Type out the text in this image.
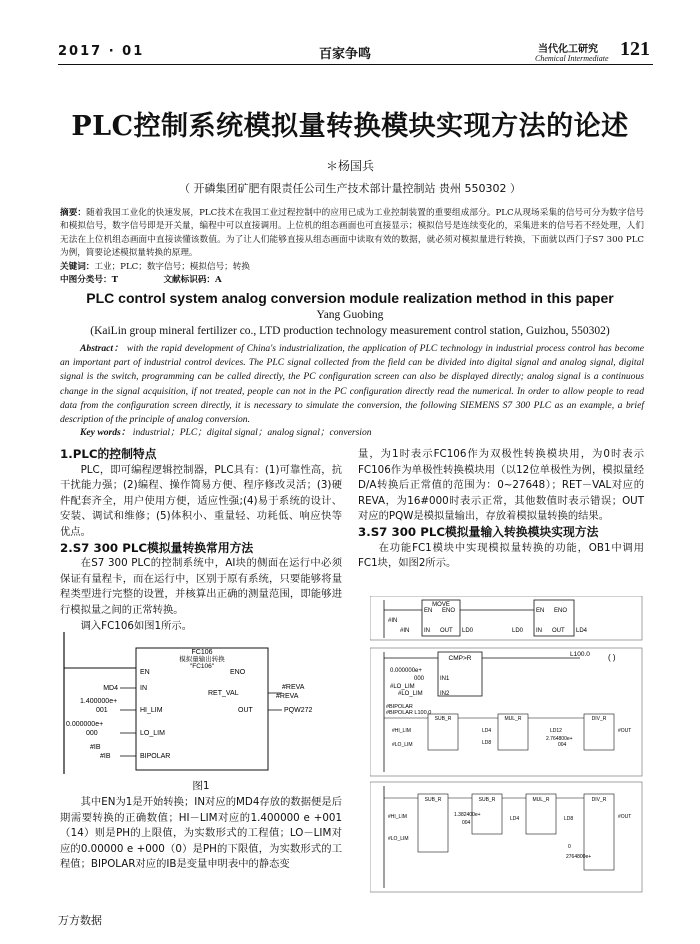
2017 · 01	百家争鸣	当代化工研究
Chemical Intermediate 121
PLC控制系统模拟量转换模块实现方法的论述
＊杨国兵
（ 开磷集团矿肥有限责任公司生产技术部计量控制站 贵州 550302 ）
摘要：随着我国工业化的快速发展，PLC技术在我国工业过程控制中的应用已成为工业控制装置的重要组成部分。PLC从现场采集的信号可分为数字信号和模拟信号，数字信号即是开关量，编程中可以直接调用。上位机的组态画面也可直接显示；模拟信号是连续变化的，采集进来的信号若不经处理，人们无法在上位机组态画面中直接读懂该数值。为了让人们能够直接从组态画面中读取有效的数据，就必须对模拟量进行转换，下面就以西门子S7 300 PLC为例，简要论述模拟量转换的原理。
关键词：工业；PLC；数字信号；模拟信号；转换
中图分类号：T	文献标识码：A
PLC control system analog conversion module realization method in this paper
Yang Guobing
(KaiLin group mineral fertilizer co., LTD production technology measurement control station, Guizhou, 550302)
Abstract： with the rapid development of China's industrialization, the application of PLC technology in industrial process control has become an important part of industrial control devices. The PLC signal collected from the field can be divided into digital signal and analog signal, digital signal is the switch, programming can be called directly, the PC configuration screen can also be displayed directly; analog signal is a continuous change in the signal acquisition, if not treated, people can not in the PC configuration directly read the numerical. In order to allow people to read data from the configuration screen directly, it is necessary to simulate the conversion, the following SIEMENS S7 300 PLC as an example, a brief description of the principle of analog conversion.
Key words： industrial；PLC；digital signal；analog signal；conversion
1.PLC的控制特点

PLC，即可编程逻辑控制器，PLC具有：(1)可靠性高，抗干扰能力强；(2)编程、操作简易方便、程序修改灵活；(3)硬件配套齐全，用户使用方便，适应性强;(4)易于系统的设计、安装、调试和维修；(5)体积小、重量轻、功耗低、响应快等优点。

2.S7 300 PLC模拟量转换常用方法

在S7 300 PLC的控制系统中，AI块的侧面在运行中必须保证有量程卡，而在运行中，区别于原有系统，只要能够将量程类型进行完整的设置，并核算出正确的测量范围，即能够进行模拟量之间的正常转换。

调入FC106如图1所示。

FC106
模拟量输出转换
"FC106"
EN	ENO
MD4	IN
1.400000e+
001	HI_LIM
0.000000e+
000	LO_LIM
#IB
#IB	BIPOLAR
RET_VAL
#REVA
#REVA
OUT	PQW272
图1

其中EN为1是开始转换；IN对应的MD4存放的数据便是后期需要转换的正确数值；HI－LIM对应的1.400000 e +001（14）则是PH的上限值，为实数形式的工程值；LO－LIM对应的0.00000 e +000（0）是PH的下限值，为实数形式的工程值；BIPOLAR对应的IB是变量申明表中的静态变

量，为1时表示FC106作为双极性转换模块用，为0时表示FC106作为单极性转换模块用（以12位单极性为例，模拟量经D/A转换后正常值的范围为：0~27648）；RET－VAL对应的REVA，为16#000时表示正常，其他数值时表示错误；OUT对应的PQW是模拟量输出，存放着模拟量转换的结果。

3.S7 300 PLC模拟量输入转换模块实现方法

在功能FC1模块中实现模拟量转换的功能，OB1中调用FC1块，如图2所示。

MOVE
EN ENO
#IN
#IN IN OUT LD0
EN ENO
LD0 IN OUT LD4
CMP>R
L100.0 ( )
0.000000e+
000	IN1
#LO_LIM
#LO_LIM	IN2
#BIPOLAR
#BIPOLAR L100.0
SUB_R
#HI_LIM
#LO_LIM
MUL_R
LD4
LD8
DIV_R
LD12
2.764800e+
004
#OUT
SUB_R	SUB_R	MUL_R	DIV_R
#HI_LIM
#LO_LIM
1.382400e+
004
LD4	LD8
0
2764800e+
#OUT
万方数据
